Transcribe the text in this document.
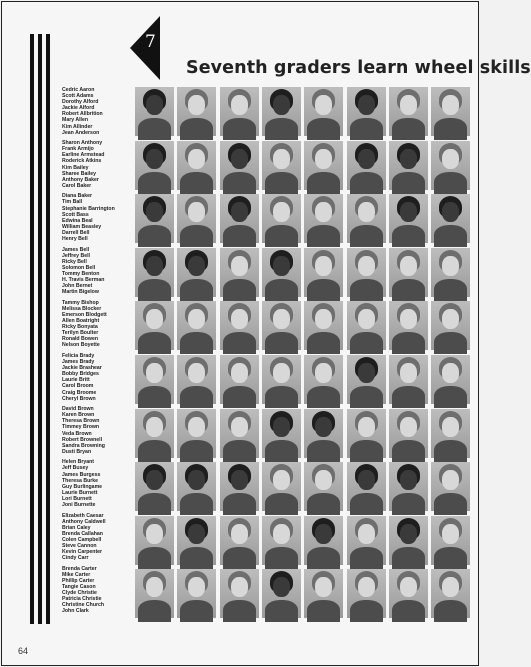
7
Seventh graders learn wheel skills
Cedric Aaron
Scott Adams
Dorothy Alford
Jackie Alford
Robert Allbrition
Mary Allen
Kim Allinder
Jean Anderson
Sharon Anthony
Frank Armijo
Earline Armstead
Roderick Atkins
Kim Bailey
Sharee Bailey
Anthony Baker
Carol Baker
Diana Baker
Tim Ball
Stephanie Barrington
Scott Bass
Edwina Beal
William Beasley
Darrell Bell
Henry Bell
James Bell
Jeffrey Bell
Ricky Bell
Solomon Bell
Tommy Benton
H. Travis Berman
John Bernet
Martin Bigelow
Tammy Bishop
Melissa Blocker
Emerson Blodgett
Allen Boatright
Ricky Bonyata
Terilyn Boulter
Ronald Bowen
Nelson Boyette
Felicia Brady
James Brady
Jackie Brashear
Bobby Bridges
Laurie Britt
Carol Broom
Craig Broome
Cheryl Brown
David Brown
Karen Brown
Theresa Brown
Timmey Brown
Veda Brown
Robert Brownell
Sandra Browning
Dusti Bryan
Helen Bryant
Jeff Busey
James Burgess
Theresa Burke
Guy Burlingame
Laurie Burnett
Lori Burnett
Joni Burnette
Elizabeth Caesar
Anthony Caldwell
Brian Caley
Brenda Callahan
Colen Campbell
Steve Cannon
Kevin Carpenter
Cindy Carr
Brenda Carter
Mike Carter
Phillip Carter
Tangie Cason
Clyde Christie
Patricia Christie
Christine Church
John Clark
64
